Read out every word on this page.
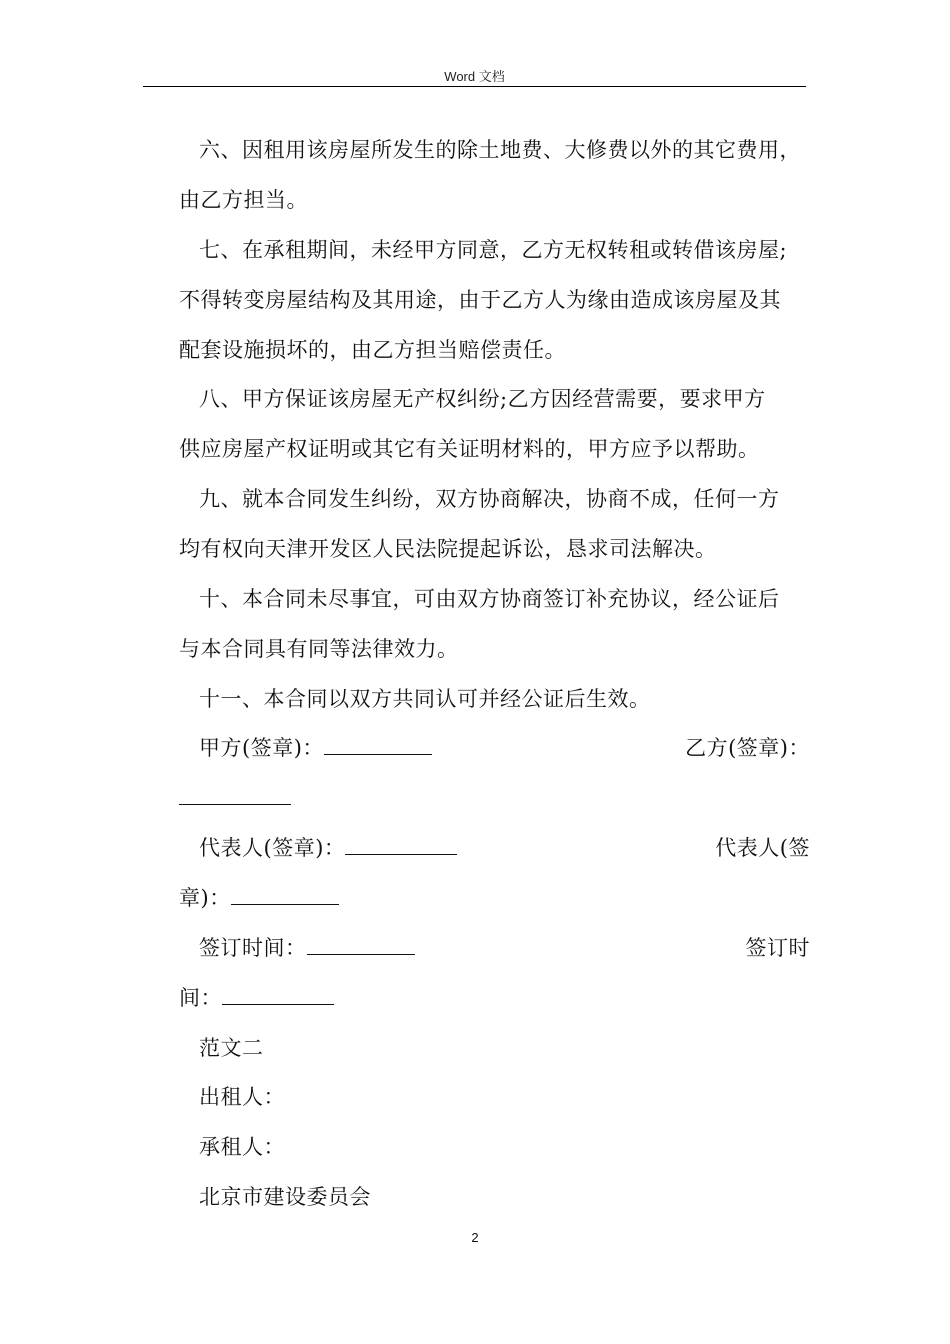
Word 文档
六、因租用该房屋所发生的除土地费、大修费以外的其它费用，
由乙方担当。
七、在承租期间，未经甲方同意，乙方无权转租或转借该房屋;
不得转变房屋结构及其用途，由于乙方人为缘由造成该房屋及其
配套设施损坏的，由乙方担当赔偿责任。
八、甲方保证该房屋无产权纠纷;乙方因经营需要，要求甲方
供应房屋产权证明或其它有关证明材料的，甲方应予以帮助。
九、就本合同发生纠纷，双方协商解决，协商不成，任何一方
均有权向天津开发区人民法院提起诉讼，恳求司法解决。
十、本合同未尽事宜，可由双方协商签订补充协议，经公证后
与本合同具有同等法律效力。
十一、本合同以双方共同认可并经公证后生效。
甲方(签章)：	乙方(签章)：
代表人(签章)：	代表人(签
章)：
签订时间：	签订时
间：
范文二
出租人：
承租人：
北京市建设委员会
2
